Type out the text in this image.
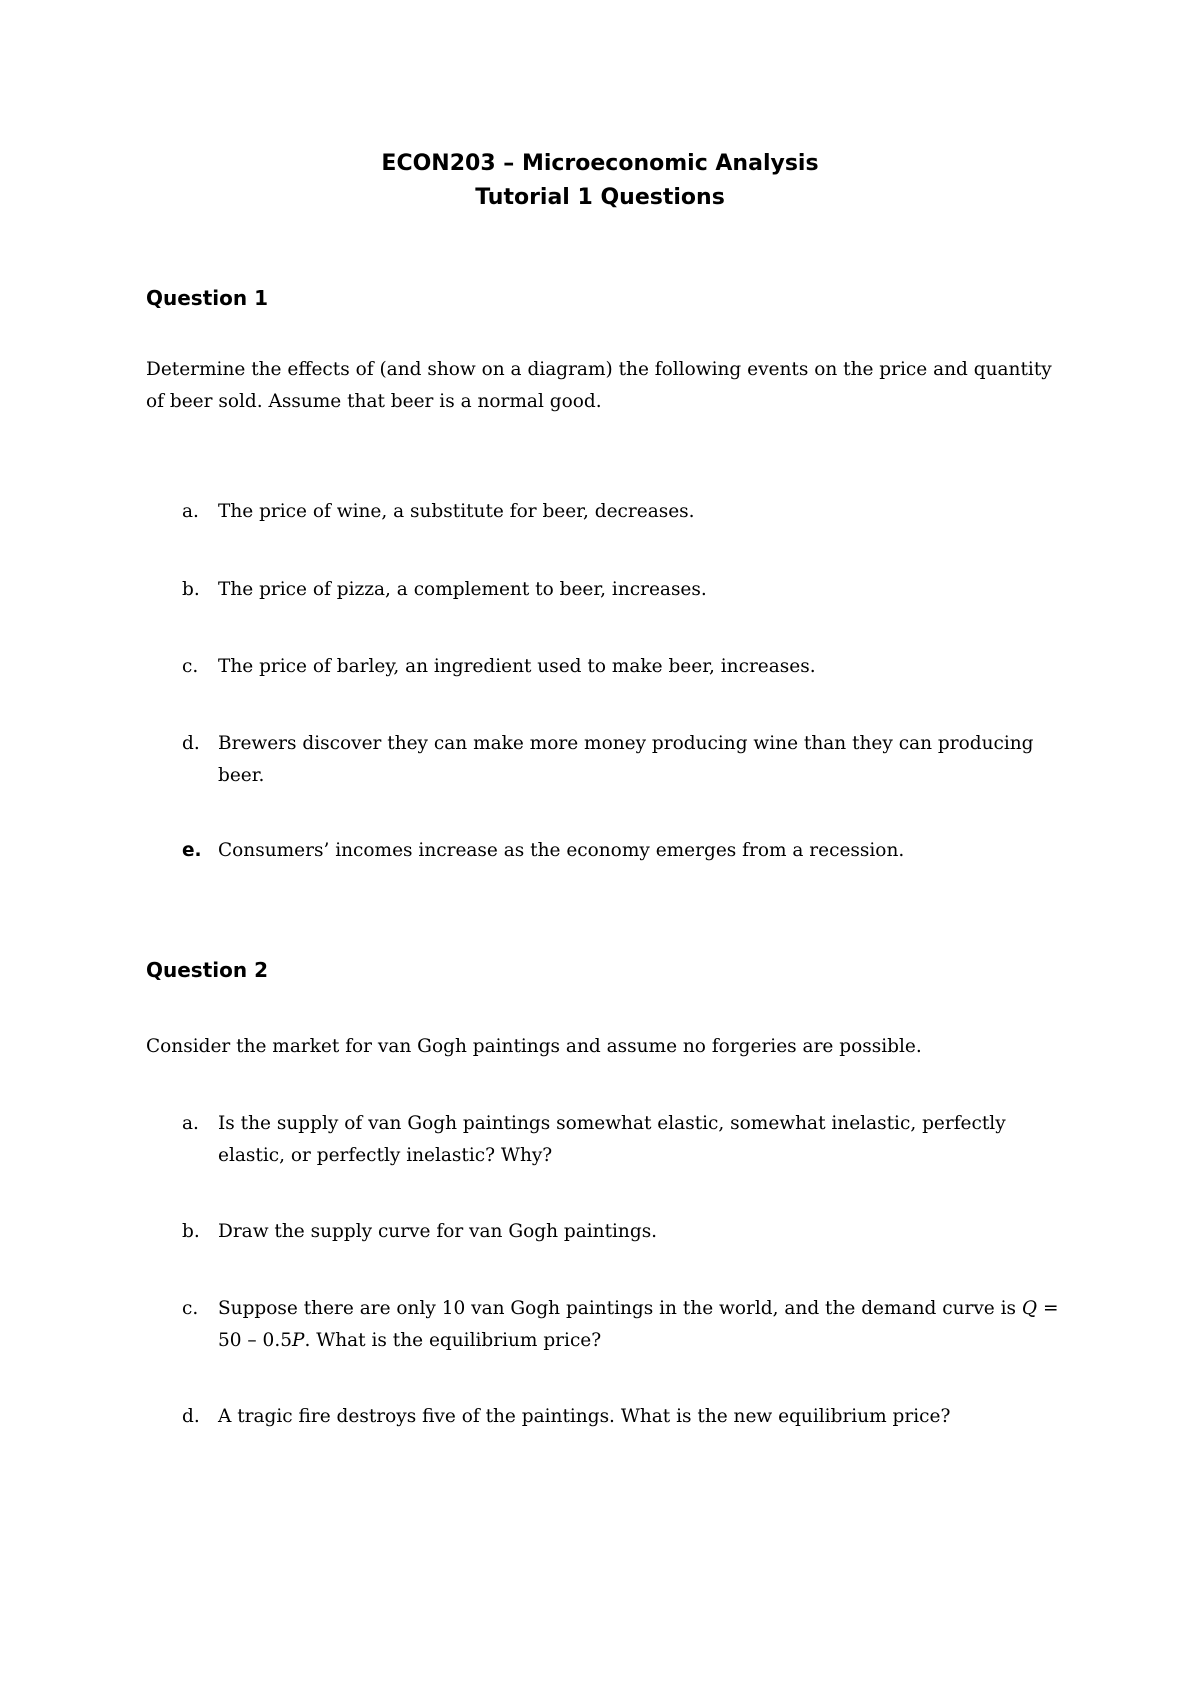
ECON203 – Microeconomic Analysis
Tutorial 1 Questions
Question 1
Determine the effects of (and show on a diagram) the following events on the price and quantity of beer sold. Assume that beer is a normal good.
a.	The price of wine, a substitute for beer, decreases.
b. The price of pizza, a complement to beer, increases.
c.	The price of barley, an ingredient used to make beer, increases.
d. Brewers discover they can make more money producing wine than they can producing beer.
e. Consumers’ incomes increase as the economy emerges from a recession.
Question 2
Consider the market for van Gogh paintings and assume no forgeries are possible.
a.	Is the supply of van Gogh paintings somewhat elastic, somewhat inelastic, perfectly elastic, or perfectly inelastic? Why?
b. Draw the supply curve for van Gogh paintings.
c.	Suppose there are only 10 van Gogh paintings in the world, and the demand curve is Q = 50 – 0.5P. What is the equilibrium price?
d. A tragic fire destroys five of the paintings. What is the new equilibrium price?
